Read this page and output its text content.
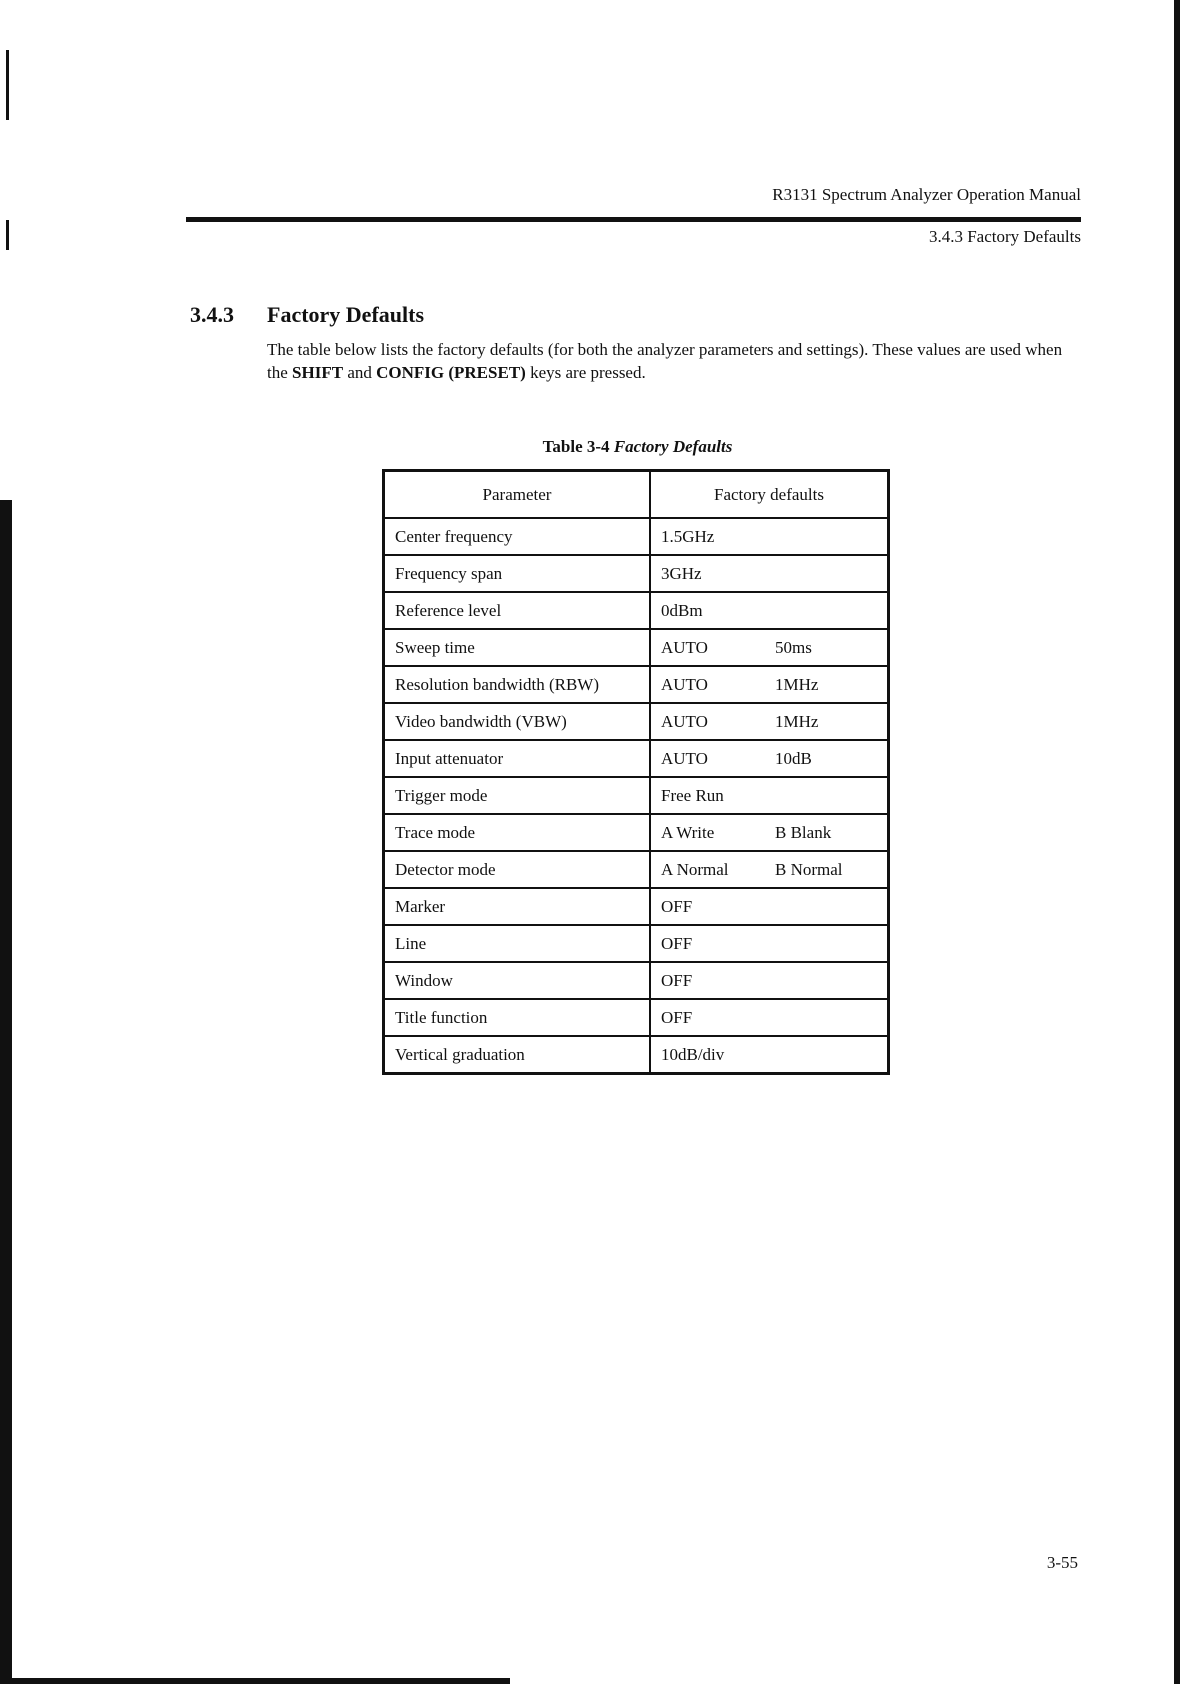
R3131 Spectrum Analyzer Operation Manual
3.4.3 Factory Defaults
3.4.3 Factory Defaults
The table below lists the factory defaults (for both the analyzer parameters and settings). These values are used when the SHIFT and CONFIG (PRESET) keys are pressed.
Table 3-4 Factory Defaults
Parameter	Factory defaults
Center frequency	1.5GHz
Frequency span	3GHz
Reference level	0dBm
Sweep time	AUTO 50ms
Resolution bandwidth (RBW)	AUTO 1MHz
Video bandwidth (VBW)	AUTO 1MHz
Input attenuator	AUTO 10dB
Trigger mode	Free Run
Trace mode	A Write B Blank
Detector mode	A Normal B Normal
Marker	OFF
Line	OFF
Window	OFF
Title function	OFF
Vertical graduation	10dB/div
3-55
